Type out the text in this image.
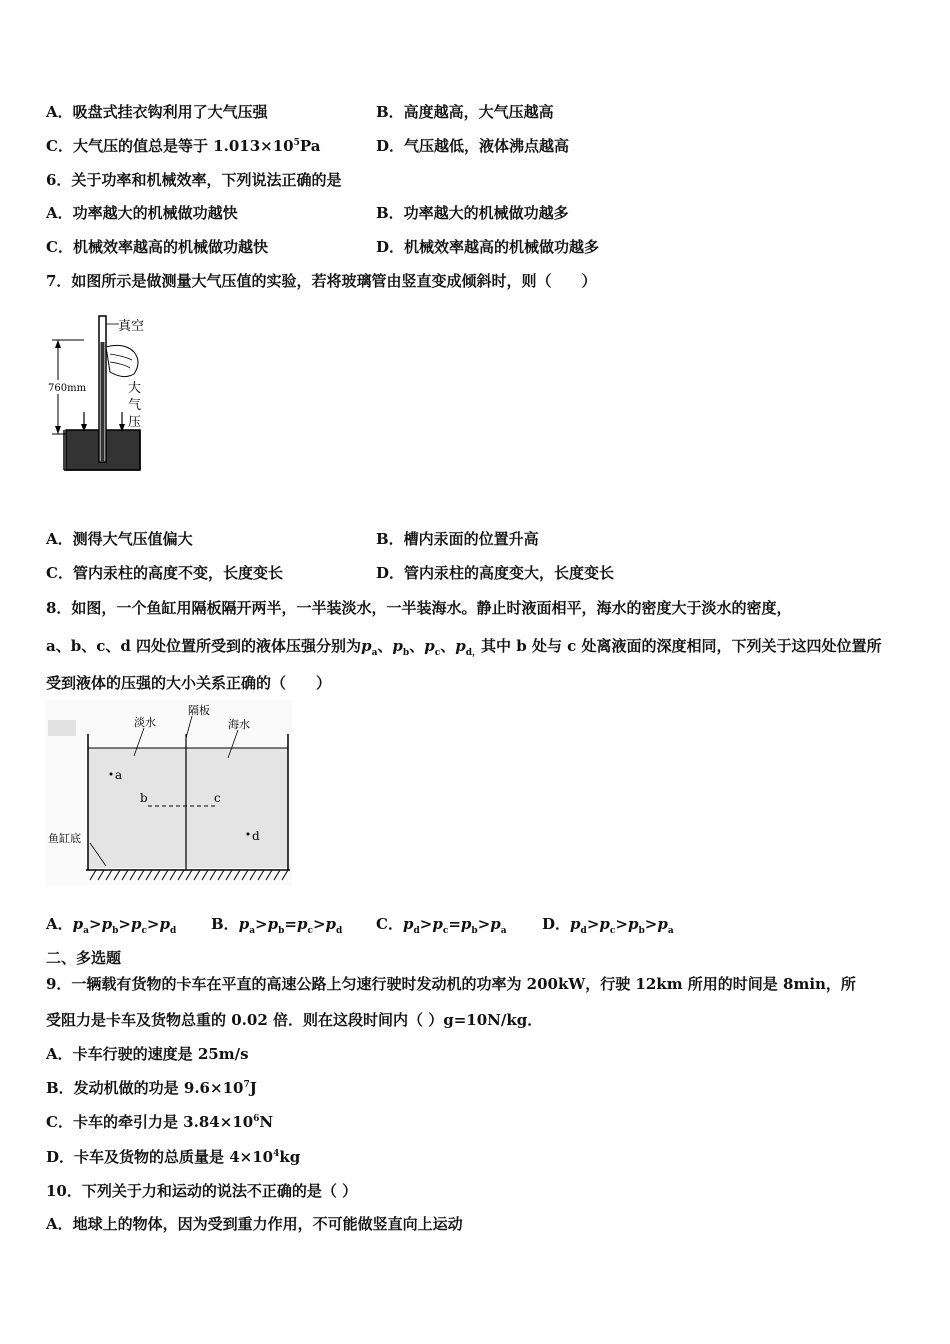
A．吸盘式挂衣钩利用了大气压强	B．高度越高，大气压越高
C．大气压的值总是等于 $1.013\times 10^5Pa$	D．气压越低，液体沸点越高
6．关于功率和机械效率，下列说法正确的是
A．功率越大的机械做功越快	B．功率越大的机械做功越多
C．机械效率越高的机械做功越快	D．机械效率越高的机械做功越多
7．如图所示是做测量大气压值的实验，若将玻璃管由竖直变成倾斜时，则（　　）
760mm
真空
大
气
压
A．测得大气压值偏大	B．槽内汞面的位置升高
C．管内汞柱的高度不变，长度变长	D．管内汞柱的高度变大，长度变长
8．如图，一个鱼缸用隔板隔开两半，一半装淡水，一半装海水。静止时液面相平，海水的密度大于淡水的密度，
a、b、c、d 四处位置所受到的液体压强分别为$p_a$、$p_b$、$p_c$、$p_{d,}$其中 b 处与 c 处离液面的深度相同，下列关于这四处位置所
受到液体的压强的大小关系正确的（　　）
淡水
隔板
海水
鱼缸底
a
b	c
d
A．$p_a>p_b>p_c>p_d$ B．$p_a>p_b=p_c>p_d$ C．$p_d>p_c=p_b>p_a$ D．$p_d>p_c>p_b>p_a$
二、多选题
9．一辆载有货物的卡车在平直的高速公路上匀速行驶时发动机的功率为 200kW，行驶 12km 所用的时间是 8min，所
受阻力是卡车及货物总重的 0.02 倍．则在这段时间内（ ）g=10N/kg．
A．卡车行驶的速度是 25m/s
B．发动机做的功是 $9.6\times 10^7J$
C．卡车的牵引力是 $3.84\times 10^6N$
D．卡车及货物的总质量是 $4\times 10^4kg$
10．下列关于力和运动的说法不正确的是（ ）
A．地球上的物体，因为受到重力作用，不可能做竖直向上运动
